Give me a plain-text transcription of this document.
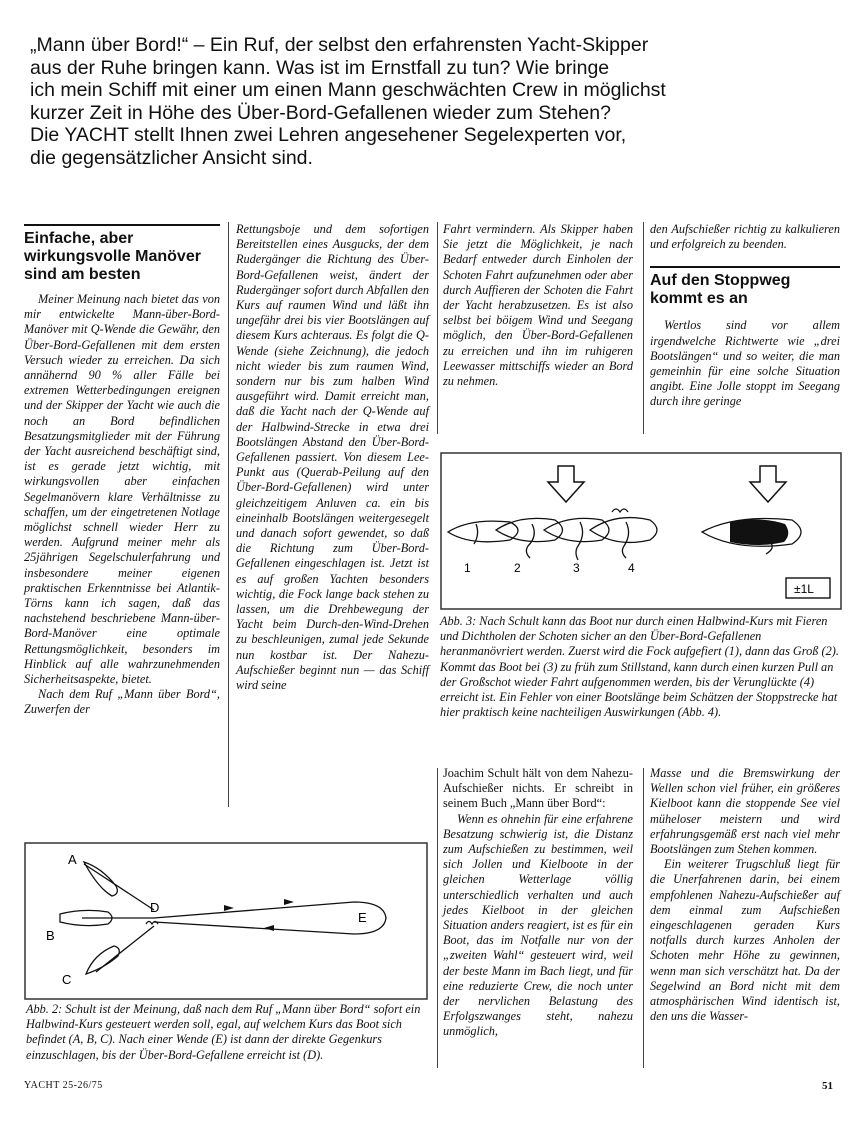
„Mann über Bord!“ – Ein Ruf, der selbst den erfahrensten Yacht-Skipper

aus der Ruhe bringen kann. Was ist im Ernstfall zu tun? Wie bringe

ich mein Schiff mit einer um einen Mann geschwächten Crew in möglichst

kurzer Zeit in Höhe des Über-Bord-Gefallenen wieder zum Stehen?

Die YACHT stellt Ihnen zwei Lehren angesehener Segelexperten vor,

die gegensätzlicher Ansicht sind.

Einfache, aber wirkungsvolle Manöver sind am besten

Meiner Meinung nach bietet das von mir entwickelte Mann-über-Bord-Manöver mit Q-Wende die Gewähr, den Über-Bord-Gefallenen mit dem ersten Versuch wieder zu erreichen. Da sich annähernd 90 % aller Fälle bei extremen Wetterbedingungen ereignen und der Skipper der Yacht wie auch die noch an Bord befindlichen Besatzungsmitglieder mit der Führung der Yacht ausreichend beschäftigt sind, ist es gerade jetzt wichtig, mit wirkungsvollen aber einfachen Segelmanövern klare Verhältnisse zu schaffen, um der eingetretenen Notlage möglichst schnell wieder Herr zu werden. Aufgrund meiner mehr als 25jährigen Segelschulerfahrung und insbesondere meiner eigenen praktischen Erkenntnisse bei Atlantik-Törns kann ich sagen, daß das nachstehend beschriebene Mann-über-Bord-Manöver eine optimale Rettungsmöglichkeit, besonders im Hinblick auf alle wahrzunehmenden Sicherheitsaspekte, bietet.

Nach dem Ruf „Mann über Bord“, Zuwerfen der

Rettungsboje und dem sofortigen Bereitstellen eines Ausgucks, der dem Rudergänger die Richtung des Über-Bord-Gefallenen weist, ändert der Rudergänger sofort durch Abfallen den Kurs auf raumen Wind und läßt ihn ungefähr drei bis vier Bootslängen auf diesem Kurs achteraus. Es folgt die Q-Wende (siehe Zeichnung), die jedoch nicht wieder bis zum raumen Wind, sondern nur bis zum halben Wind ausgeführt wird. Damit erreicht man, daß die Yacht nach der Q-Wende auf der Halbwind-Strecke in etwa drei Bootslängen Abstand den Über-Bord-Gefallenen passiert. Von diesem Lee-Punkt aus (Querab-Peilung auf den Über-Bord-Gefallenen) wird unter gleichzeitigem Anluven ca. ein bis eineinhalb Bootslängen weitergesegelt und danach sofort gewendet, so daß die Richtung zum Über-Bord-Gefallenen eingeschlagen ist. Jetzt ist es auf großen Yachten besonders wichtig, die Fock lange back stehen zu lassen, um die Drehbewegung der Yacht beim Durch-den-Wind-Drehen zu beschleunigen, zumal jede Sekunde nun kostbar ist. Der Nahezu-Aufschießer beginnt nun — das Schiff wird seine

Fahrt vermindern. Als Skipper haben Sie jetzt die Möglichkeit, je nach Bedarf entweder durch Einholen der Schoten Fahrt aufzunehmen oder aber durch Auffieren der Schoten die Fahrt der Yacht herabzusetzen. Es ist also selbst bei böigem Wind und Seegang möglich, den Über-Bord-Gefallenen zu erreichen und ihn im ruhigeren Leewasser mittschiffs wieder an Bord zu nehmen.

den Aufschießer richtig zu kalkulieren und erfolgreich zu beenden.

Auf den Stoppweg kommt es an

Wertlos sind vor allem irgendwelche Richtwerte wie „drei Bootslängen“ und so weiter, die man gemeinhin für eine solche Situation angibt. Eine Jolle stoppt im Seegang durch ihre geringe

1	2	3	4
±1L

Abb. 3: Nach Schult kann das Boot nur durch einen Halbwind-Kurs mit Fieren und Dichtholen der Schoten sicher an den Über-Bord-Gefallenen heranmanövriert werden. Zuerst wird die Fock aufgefiert (1), dann das Groß (2). Kommt das Boot bei (3) zu früh zum Stillstand, kann durch einen kurzen Pull an der Großschot wieder Fahrt aufgenommen werden, bis der Verunglückte (4) erreicht ist. Ein Fehler von einer Bootslänge beim Schätzen der Stoppstrecke hat hier praktisch keine nachteiligen Auswirkungen (Abb. 4).

A
B
C
D
E

Abb. 2: Schult ist der Meinung, daß nach dem Ruf „Mann über Bord“ sofort ein Halbwind-Kurs gesteuert werden soll, egal, auf welchem Kurs das Boot sich befindet (A, B, C). Nach einer Wende (E) ist dann der direkte Gegenkurs einzuschlagen, bis der Über-Bord-Gefallene erreicht ist (D).

Joachim Schult hält von dem Nahezu-Aufschießer nichts. Er schreibt in seinem Buch „Mann über Bord“:

Wenn es ohnehin für eine erfahrene Besatzung schwierig ist, die Distanz zum Aufschießen zu bestimmen, weil sich Jollen und Kielboote in der gleichen Wetterlage völlig unterschiedlich verhalten und auch jedes Kielboot in der gleichen Situation anders reagiert, ist es für ein Boot, das im Notfalle nur von der „zweiten Wahl“ gesteuert wird, weil der beste Mann im Bach liegt, und für eine reduzierte Crew, die noch unter der nervlichen Belastung des Erfolgszwanges steht, nahezu unmöglich,

Masse und die Bremswirkung der Wellen schon viel früher, ein größeres Kielboot kann die stoppende See viel müheloser meistern und wird erfahrungsgemäß erst nach viel mehr Bootslängen zum Stehen kommen.

Ein weiterer Trugschluß liegt für die Unerfahrenen darin, bei einem empfohlenen Nahezu-Aufschießer auf dem einmal zum Aufschießen eingeschlagenen geraden Kurs notfalls durch kurzes Anholen der Schoten mehr Höhe zu gewinnen, wenn man sich verschätzt hat. Da der Segelwind an Bord nicht mit dem atmosphärischen Wind identisch ist, den uns die Wasser-

YACHT 25-26/75	51
